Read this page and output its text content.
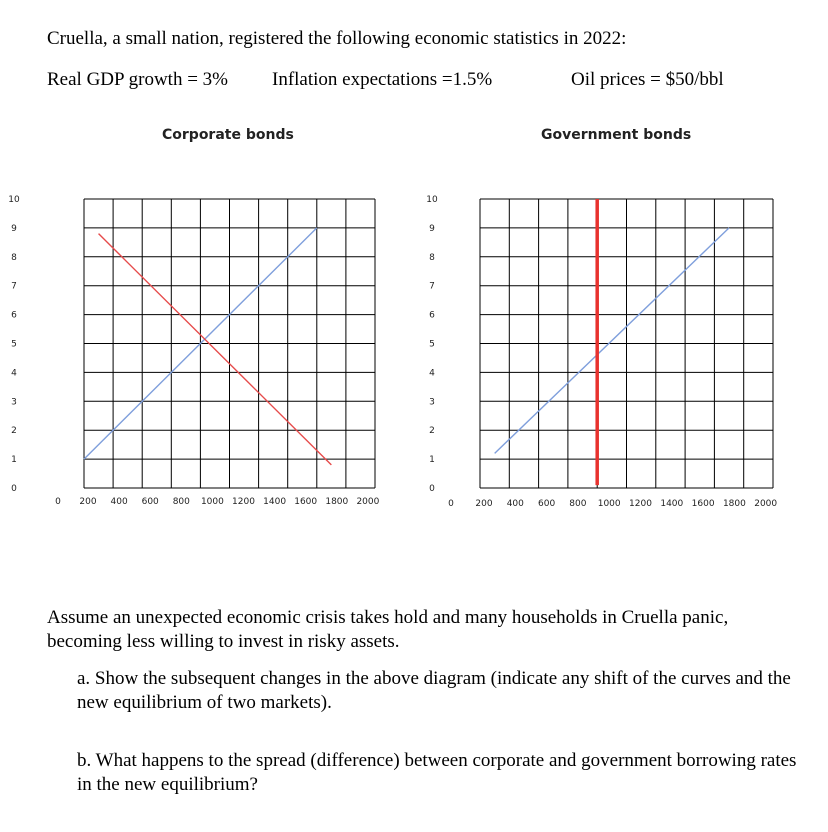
Cruella, a small nation, registered the following economic statistics in 2022:
Real GDP growth = 3% Inflation expectations =1.5%	Oil prices = $50/bbl
Corporate bonds	Government bonds
0
1
2
3
4
5
6
7
8
9
10
0 200 400 600 800 1000 1200 1400 1600 1800 2000
0
1
2
3
4
5
6
7
8
9
10
0 200 400 600 800 1000 1200 1400 1600 1800 2000
Assume an unexpected economic crisis takes hold and many households in Cruella panic, becoming less willing to invest in risky assets.
a. Show the subsequent changes in the above diagram (indicate any shift of the curves and the new equilibrium of two markets).
b. What happens to the spread (difference) between corporate and government borrowing rates in the new equilibrium?
